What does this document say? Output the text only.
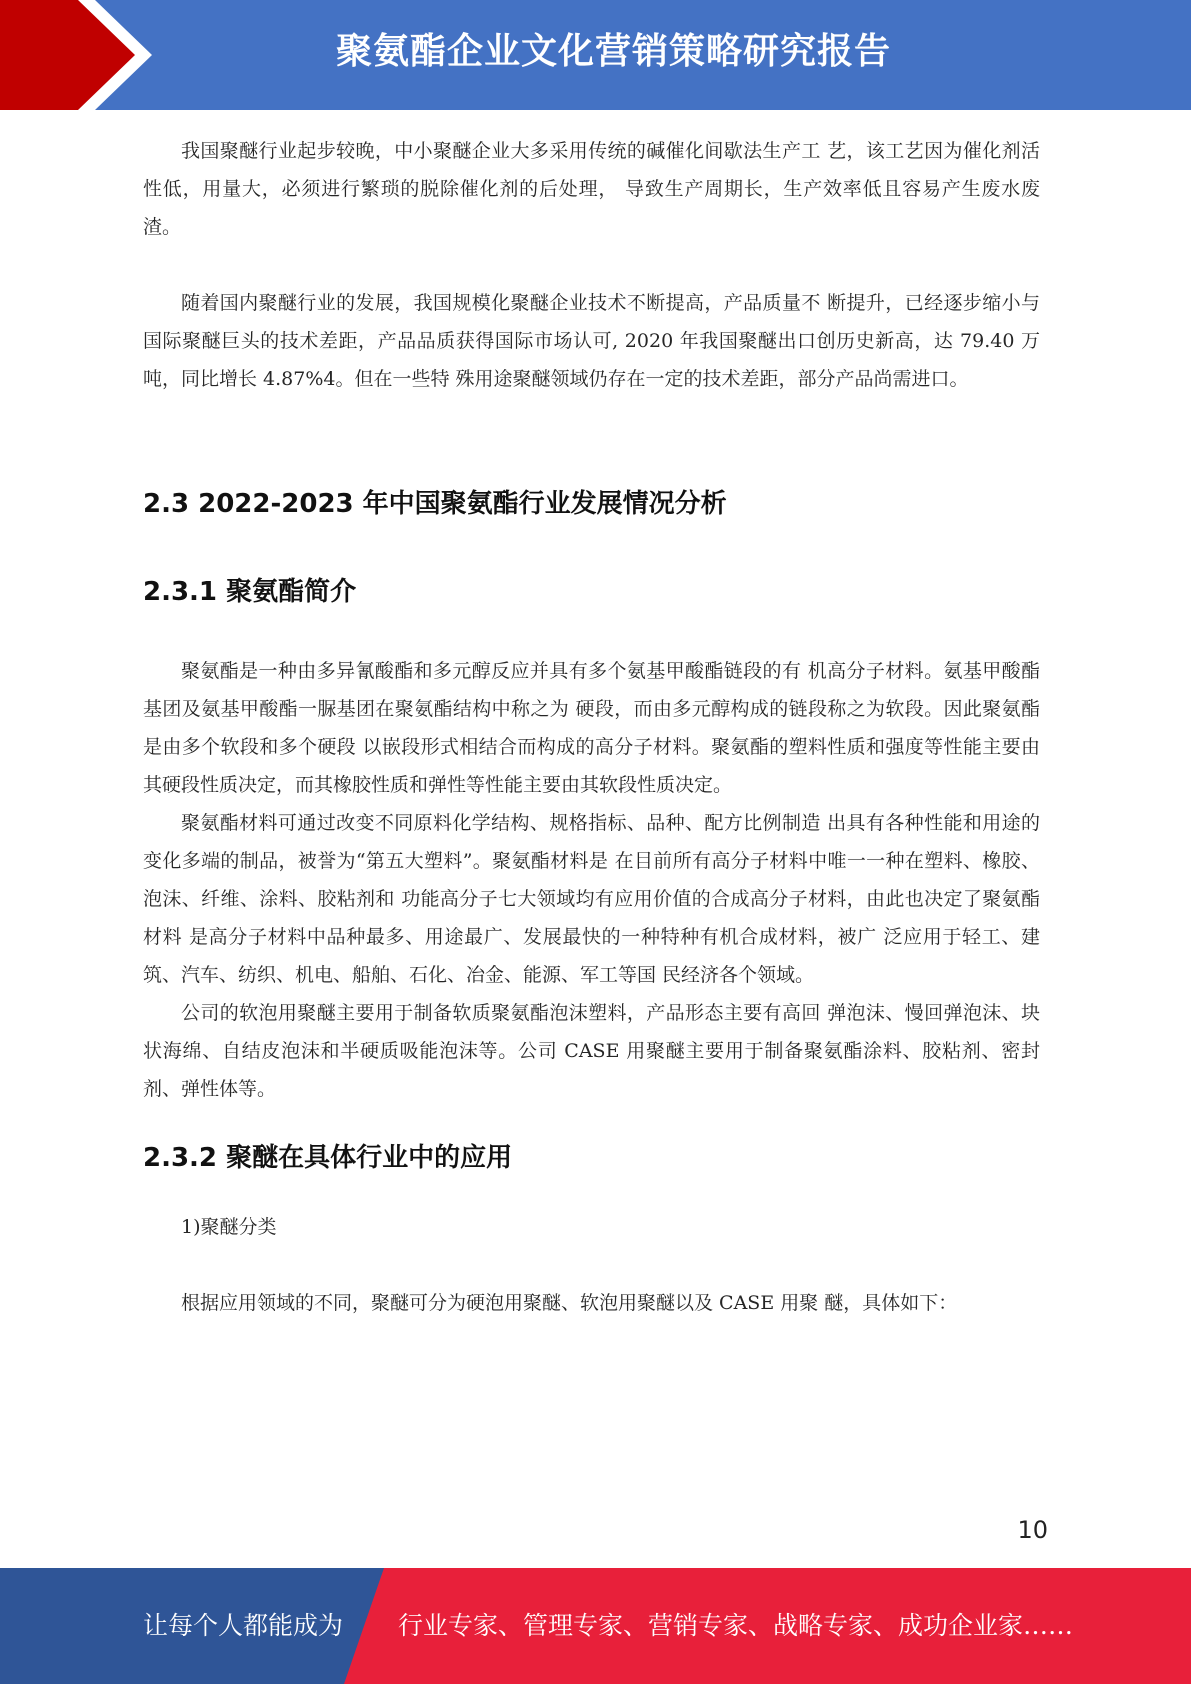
聚氨酯企业文化营销策略研究报告

我国聚醚行业起步较晚，中小聚醚企业大多采用传统的碱催化间歇法生产工 艺，该工艺因为催化剂活性低，用量大，必须进行繁琐的脱除催化剂的后处理， 导致生产周期长，生产效率低且容易产生废水废渣。

随着国内聚醚行业的发展，我国规模化聚醚企业技术不断提高，产品质量不 断提升，已经逐步缩小与国际聚醚巨头的技术差距，产品品质获得国际市场认可, 2020 年我国聚醚出口创历史新高，达 79.40 万吨，同比增长 4.87%4。但在一些特 殊用途聚醚领域仍存在一定的技术差距，部分产品尚需进口。

2.3 2022-2023 年中国聚氨酯行业发展情况分析
2.3.1 聚氨酯简介

聚氨酯是一种由多异氰酸酯和多元醇反应并具有多个氨基甲酸酯链段的有 机高分子材料。氨基甲酸酯基团及氨基甲酸酯一脲基团在聚氨酯结构中称之为 硬段，而由多元醇构成的链段称之为软段。因此聚氨酯是由多个软段和多个硬段 以嵌段形式相结合而构成的高分子材料。聚氨酯的塑料性质和强度等性能主要由 其硬段性质决定，而其橡胶性质和弹性等性能主要由其软段性质决定。

聚氨酯材料可通过改变不同原料化学结构、规格指标、品种、配方比例制造 出具有各种性能和用途的变化多端的制品，被誉为“第五大塑料”。聚氨酯材料是 在目前所有高分子材料中唯一一种在塑料、橡胶、泡沫、纤维、涂料、胶粘剂和 功能高分子七大领域均有应用价值的合成高分子材料，由此也决定了聚氨酯材料 是高分子材料中品种最多、用途最广、发展最快的一种特种有机合成材料，被广 泛应用于轻工、建筑、汽车、纺织、机电、船舶、石化、冶金、能源、军工等国 民经济各个领域。

公司的软泡用聚醚主要用于制备软质聚氨酯泡沫塑料，产品形态主要有高回 弹泡沫、慢回弹泡沫、块状海绵、自结皮泡沫和半硬质吸能泡沫等。公司 CASE 用聚醚主要用于制备聚氨酯涂料、胶粘剂、密封剂、弹性体等。

2.3.2 聚醚在具体行业中的应用

1)聚醚分类

根据应用领域的不同，聚醚可分为硬泡用聚醚、软泡用聚醚以及 CASE 用聚 醚，具体如下：

10
让每个人都能成为 行业专家、管理专家、营销专家、战略专家、成功企业家……
